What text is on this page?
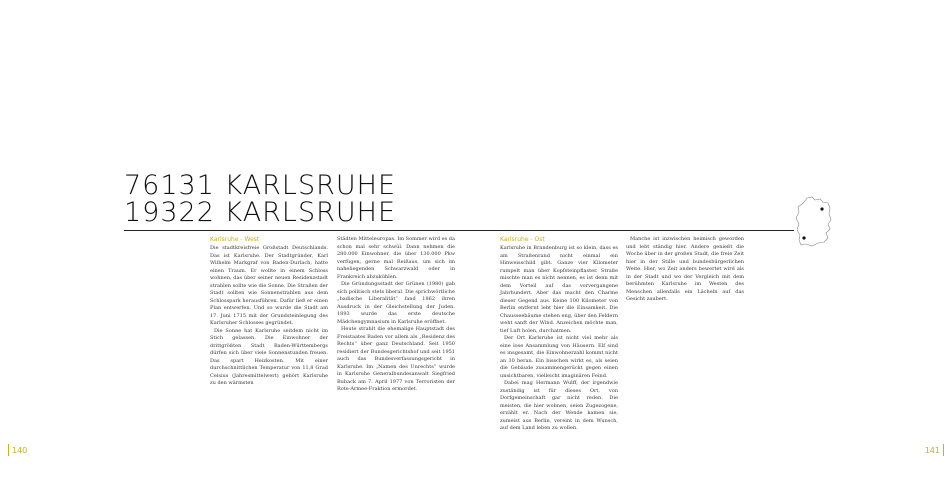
76131 KARLSRUHE
19322 KARLSRUHE
Karlsruhe - West

Die stadtkreisfreie Großstadt Deutschlands. Das ist Karlsruhe. Der Stadtgründer, Karl Wilhelm Markgraf von Baden-Durlach, hatte einen Traum. Er wollte in einem Schloss wohnen, das über seiner neuen Residenzstadt strahlen sollte wie die Sonne. Die Straßen der Stadt sollten wie Sonnenstrahlen aus dem Schlosspark herausführen. Dafür ließ er einen Plan entwerfen. Und so wurde die Stadt am 17. Juni 1715 mit der Grundsteinlegung des Karlsruher Schlosses gegründet.

Die Sonne hat Karlsruhe seitdem nicht im Stich gelassen. Die Einwohner der drittgrößten Stadt Baden-Württembergs dürfen sich über viele Sonnenstunden freuen. Das spart Heizkosten. Mit einer durchschnittlichen Temperatur von 11,8 Grad Celsius (Jahresmittelwert) gehört Karlsruhe zu den wärmsten

Städten Mitteleuropas. Im Sommer wird es da schon mal sehr schwül. Dann nehmen die 280.000 Einwohner, die über 130.000 Pkw verfügen, gerne mal Reißaus, um sich im naheliegenden Schwarzwald oder in Frankreich abzukühlen.

Die Gründungsstadt der Grünen (1980) gab sich politisch stets liberal. Die sprichwörtliche „badische Liberalität“ fand 1862 ihren Ausdruck in der Gleichstellung der Juden. 1893 wurde das erste deutsche Mädchengymnasium in Karlsruhe eröffnet.

Heute strahlt die ehemalige Hauptstadt des Freistaates Baden vor allem als „Residenz des Rechts“ über ganz Deutschland. Seit 1950 residiert der Bundesgerichtshof und seit 1951 auch das Bundesverfassungsgericht in Karlsruhe. Im „Namen des Unrechts“ wurde in Karlsruhe Generalbundesanwalt Siegfried Buback am 7. April 1977 von Terroristen der Rote-Armee-Fraktion ermordet.

Karlsruhe - Ost

Karlsruhe in Brandenburg ist so klein, dass es am Straßenrand nicht einmal ein Hinweisschild gibt. Ganze vier Kilometer rumpelt man über Kopfsteinpflaster. Straße mischte man es nicht nennen, es ist denn mit dem Vorteil auf das vorvergangene Jahrhundert. Aber das macht den Charme dieser Gegend aus. Keine 100 Kilometer von Berlin entfernt lebt hier die Einsamkeit. Die Chausseebäume stehen eng, über den Feldern weht sanft der Wind. Anzeichen möchte man, tief Luft holen, durchatmen.

Der Ort Karlsruhe ist nicht viel mehr als eine lose Ansammlung von Häusern. Elf sind es insgesamt, die Einwohnerzahl kommt nicht an 30 heran. Ein bisschen wirkt es, als seien die Gebäude zusammengerückt gegen einen unsichtbaren, vielleicht imaginären Feind.

Dabei mag Hermann Wulff, der irgendwie zuständig ist für dieses Ort, von Dorfgemeinschaft gar nicht reden. Die meisten, die hier wohnen, seien Zugezogene, erzählt er. Nach der Wende kamen sie, zumeist aus Berlin, vereint in dem Wunsch, auf dem Land leben zu wollen.

Manche ist inzwischen heimisch geworden und lebt ständig hier. Andere genießt die Woche über in der großen Stadt, die freie Zeit hier in der Stille und bundesbürgerlichen Weite. Hier, wo Zeit anders bewertet wird als in der Stadt und wo der Vergleich mit dem berühmten Karlsruhe im Westen des Menschen allenfalls ein Lächeln auf das Gesicht zaubert.

140	141
